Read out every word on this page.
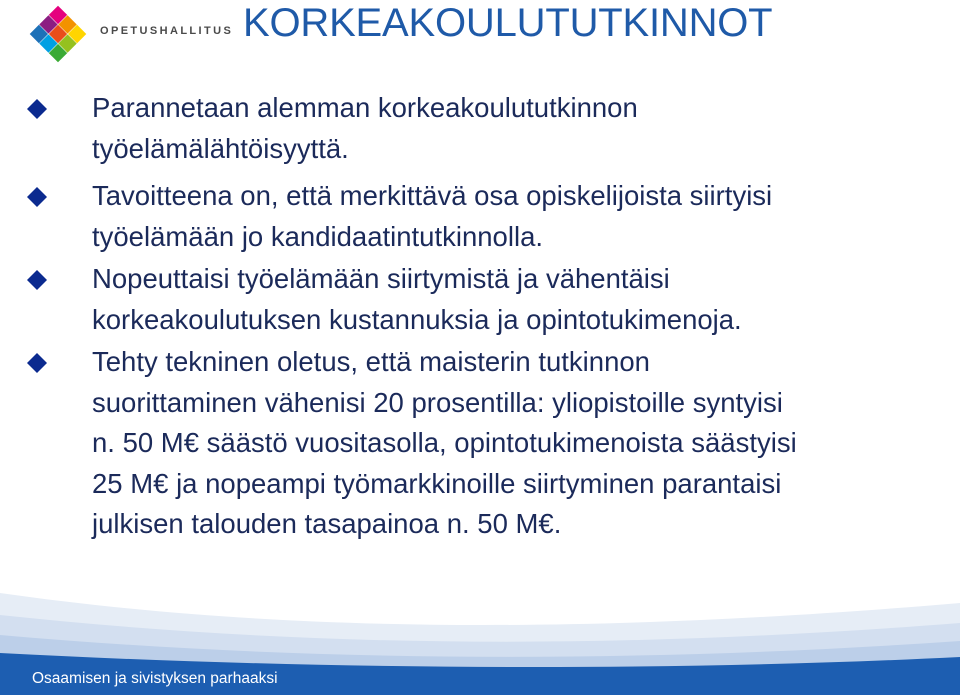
OPETUSHALLITUS KORKEAKOULUTUTKINNOT
Parannetaan alemman korkeakoulututkinnon
työelämälähtöisyyttä.
Tavoitteena on, että merkittävä osa opiskelijoista siirtyisi
työelämään jo kandidaatintutkinnolla.
Nopeuttaisi työelämään siirtymistä ja vähentäisi
korkeakoulutuksen kustannuksia ja opintotukimenoja.
Tehty tekninen oletus, että maisterin tutkinnon
suorittaminen vähenisi 20 prosentilla: yliopistoille syntyisi
n. 50 M€ säästö vuositasolla, opintotukimenoista säästyisi
25 M€ ja nopeampi työmarkkinoille siirtyminen parantaisi
julkisen talouden tasapainoa n. 50 M€.
Osaamisen ja sivistyksen parhaaksi
